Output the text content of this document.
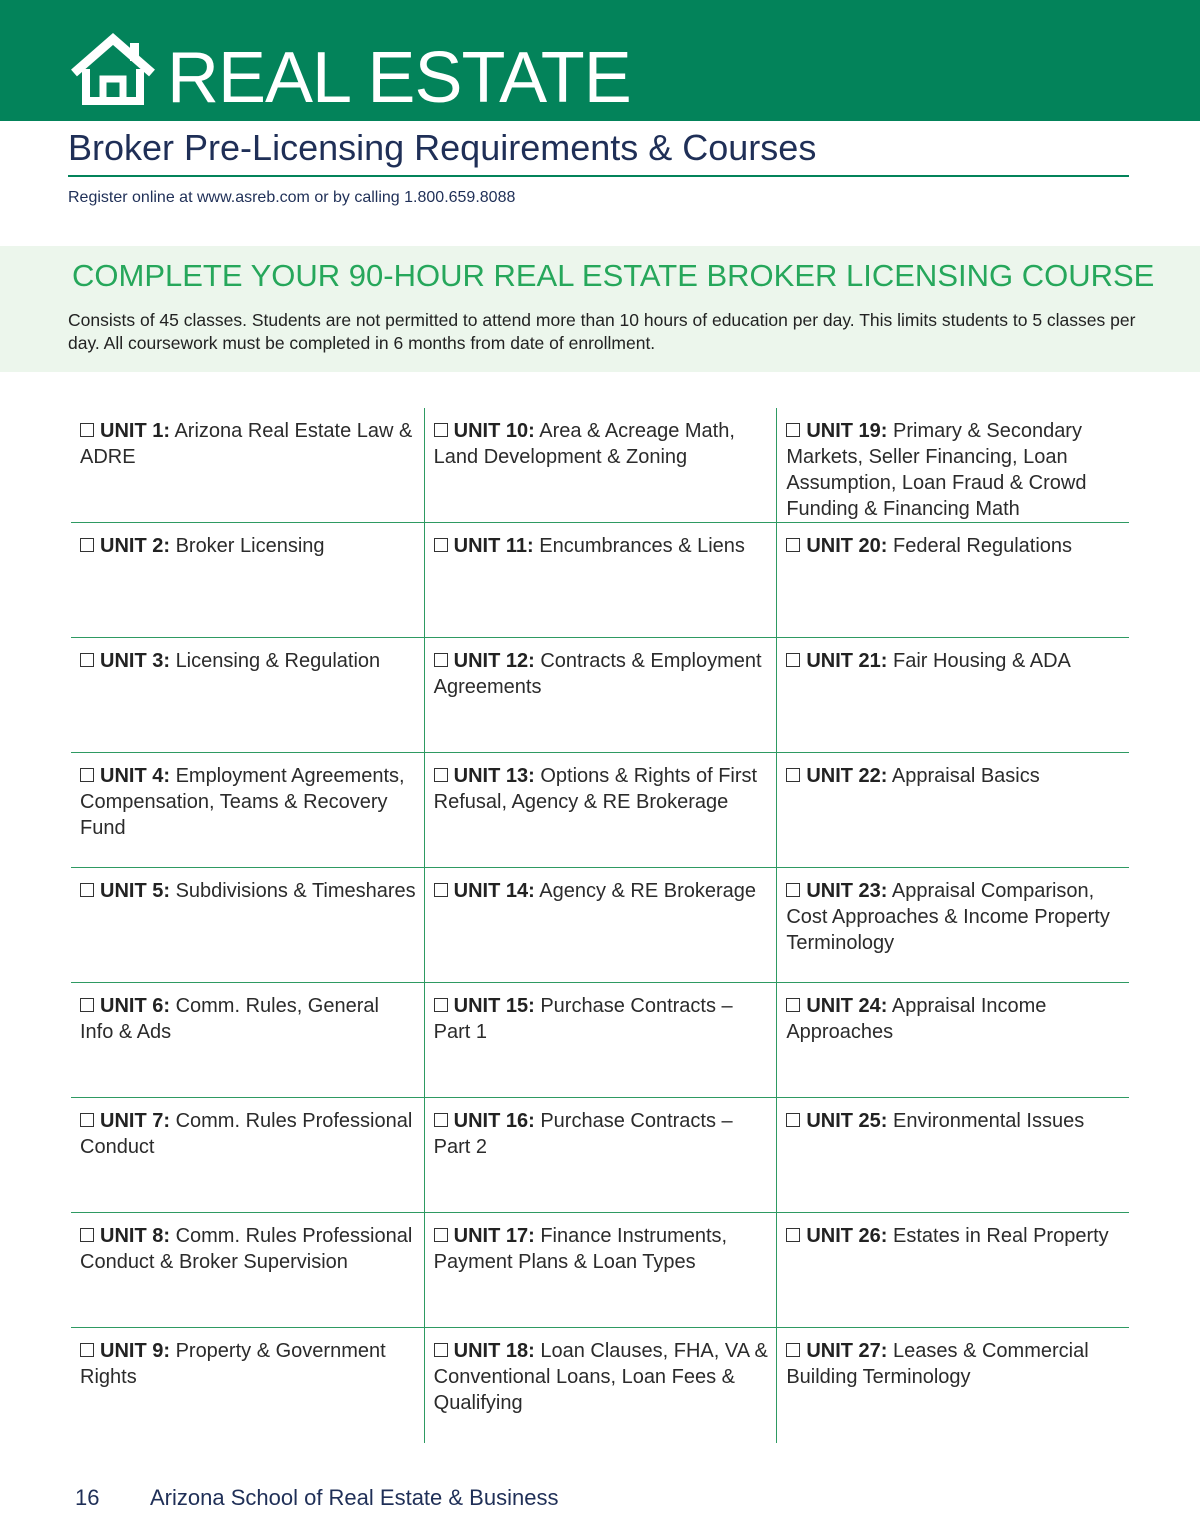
REAL ESTATE
Broker Pre-Licensing Requirements & Courses

Register online at www.asreb.com or by calling 1.800.659.8088

COMPLETE YOUR 90-HOUR REAL ESTATE BROKER LICENSING COURSE

Consists of 45 classes. Students are not permitted to attend more than 10 hours of education per day. This limits students to 5 classes per day. All coursework must be completed in 6 months from date of enrollment.

UNIT 1: Arizona Real Estate Law & ADRE
UNIT 2: Broker Licensing
UNIT 3: Licensing & Regulation
UNIT 4: Employment Agreements, Compensation, Teams & Recovery Fund
UNIT 5: Subdivisions & Timeshares
UNIT 6: Comm. Rules, General Info & Ads
UNIT 7: Comm. Rules Professional Conduct
UNIT 8: Comm. Rules Professional Conduct & Broker Supervision
UNIT 9: Property & Government Rights
UNIT 10: Area & Acreage Math, Land Development & Zoning
UNIT 11: Encumbrances & Liens
UNIT 12: Contracts & Employment Agreements
UNIT 13: Options & Rights of First Refusal, Agency & RE Brokerage
UNIT 14: Agency & RE Brokerage
UNIT 15: Purchase Contracts – Part 1
UNIT 16: Purchase Contracts – Part 2
UNIT 17: Finance Instruments, Payment Plans & Loan Types
UNIT 18: Loan Clauses, FHA, VA & Conventional Loans, Loan Fees & Qualifying
UNIT 19: Primary & Secondary Markets, Seller Financing, Loan Assumption, Loan Fraud & Crowd Funding & Financing Math
UNIT 20: Federal Regulations
UNIT 21: Fair Housing & ADA
UNIT 22: Appraisal Basics
UNIT 23: Appraisal Comparison, Cost Approaches & Income Property Terminology
UNIT 24: Appraisal Income Approaches
UNIT 25: Environmental Issues
UNIT 26: Estates in Real Property
UNIT 27: Leases & Commercial Building Terminology

16 Arizona School of Real Estate & Business
